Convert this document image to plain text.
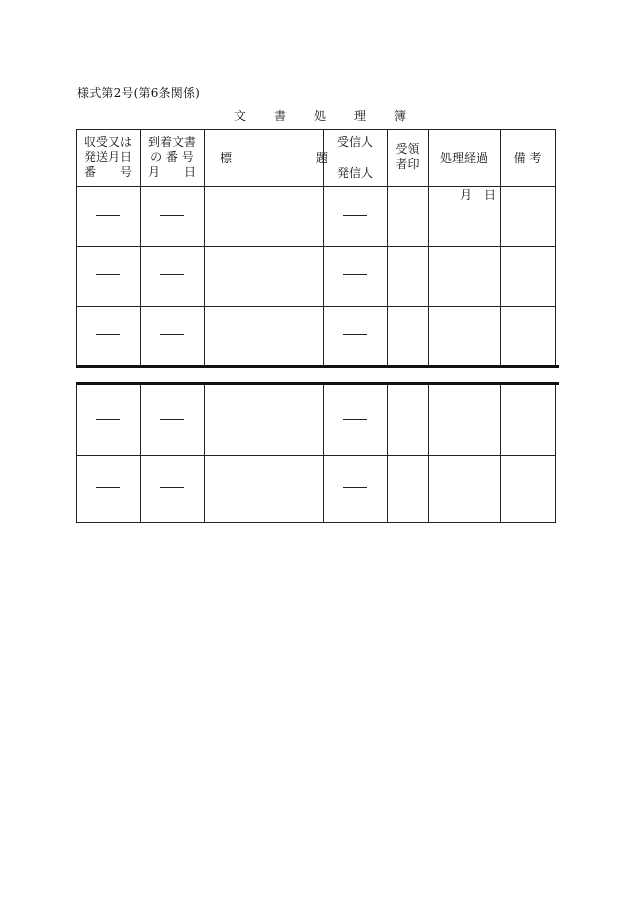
様式第2号(第6条関係)
文書処理簿
収受又は
発送月日
番　　号
到着文書
の 番 号
月　　日
標　　　　　　　題
受信人
発信人
受領
者印	処理経過	備 考
月　日
